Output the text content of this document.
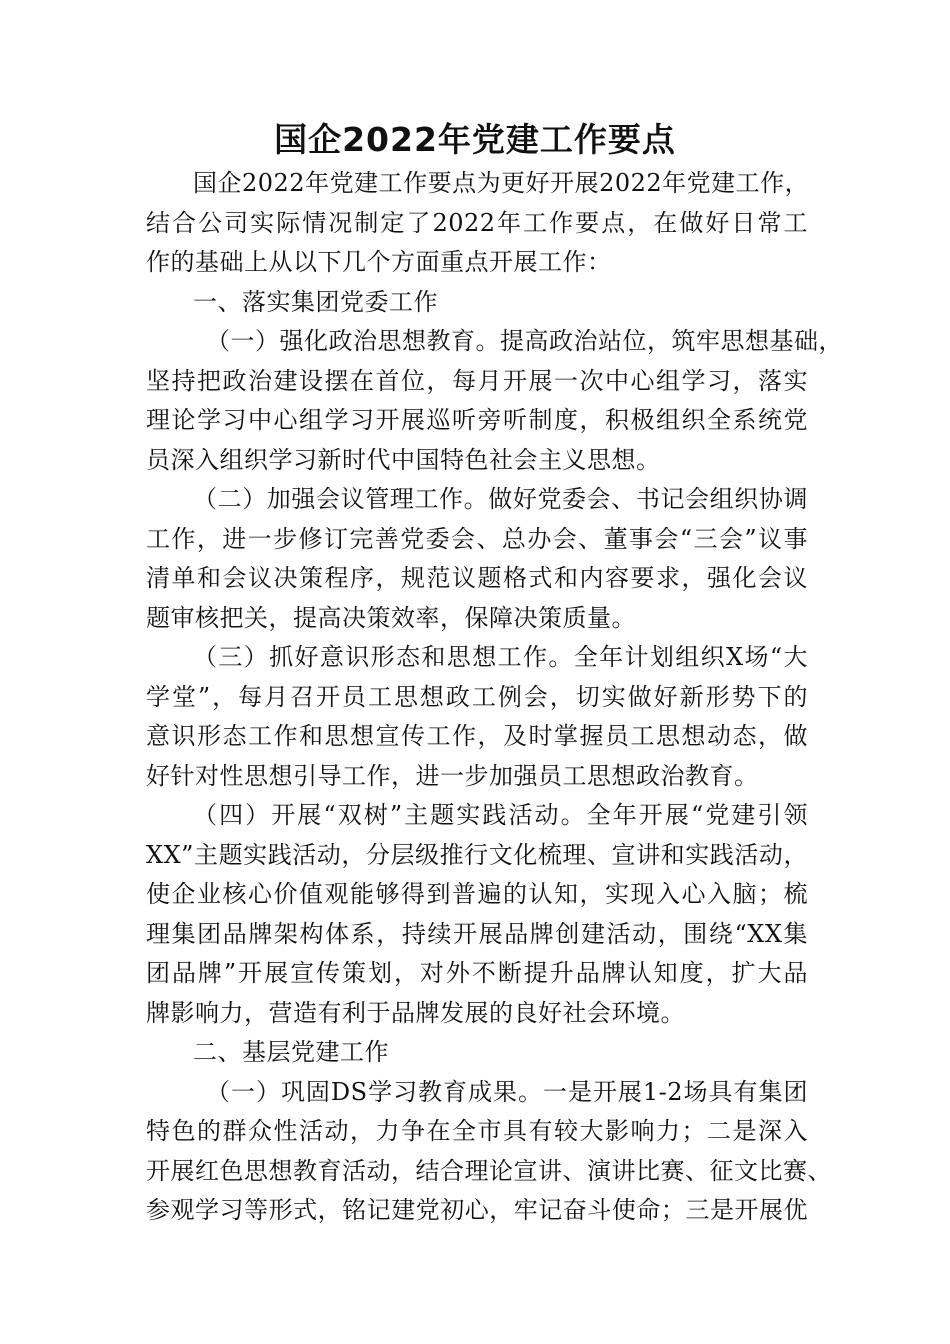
国企2022年党建工作要点
国企2022年党建工作要点为更好开展2022年党建工作，
结合公司实际情况制定了2022年工作要点，在做好日常工
作的基础上从以下几个方面重点开展工作：
一、落实集团党委工作
（一）强化政治思想教育。提高政治站位，筑牢思想基础，
坚持把政治建设摆在首位，每月开展一次中心组学习，落实
理论学习中心组学习开展巡听旁听制度，积极组织全系统党
员深入组织学习新时代中国特色社会主义思想。
（二）加强会议管理工作。做好党委会、书记会组织协调
工作，进一步修订完善党委会、总办会、董事会“三会”议事
清单和会议决策程序，规范议题格式和内容要求，强化会议
题审核把关，提高决策效率，保障决策质量。
（三）抓好意识形态和思想工作。全年计划组织X场“大
学堂”，每月召开员工思想政工例会，切实做好新形势下的
意识形态工作和思想宣传工作，及时掌握员工思想动态，做
好针对性思想引导工作，进一步加强员工思想政治教育。
（四）开展“双树”主题实践活动。全年开展“党建引领
XX”主题实践活动，分层级推行文化梳理、宣讲和实践活动，
使企业核心价值观能够得到普遍的认知，实现入心入脑；梳
理集团品牌架构体系，持续开展品牌创建活动，围绕“XX集
团品牌”开展宣传策划，对外不断提升品牌认知度，扩大品
牌影响力，营造有利于品牌发展的良好社会环境。
二、基层党建工作
（一）巩固DS学习教育成果。一是开展1-2场具有集团
特色的群众性活动，力争在全市具有较大影响力；二是深入
开展红色思想教育活动，结合理论宣讲、演讲比赛、征文比赛、
参观学习等形式，铭记建党初心，牢记奋斗使命；三是开展优
